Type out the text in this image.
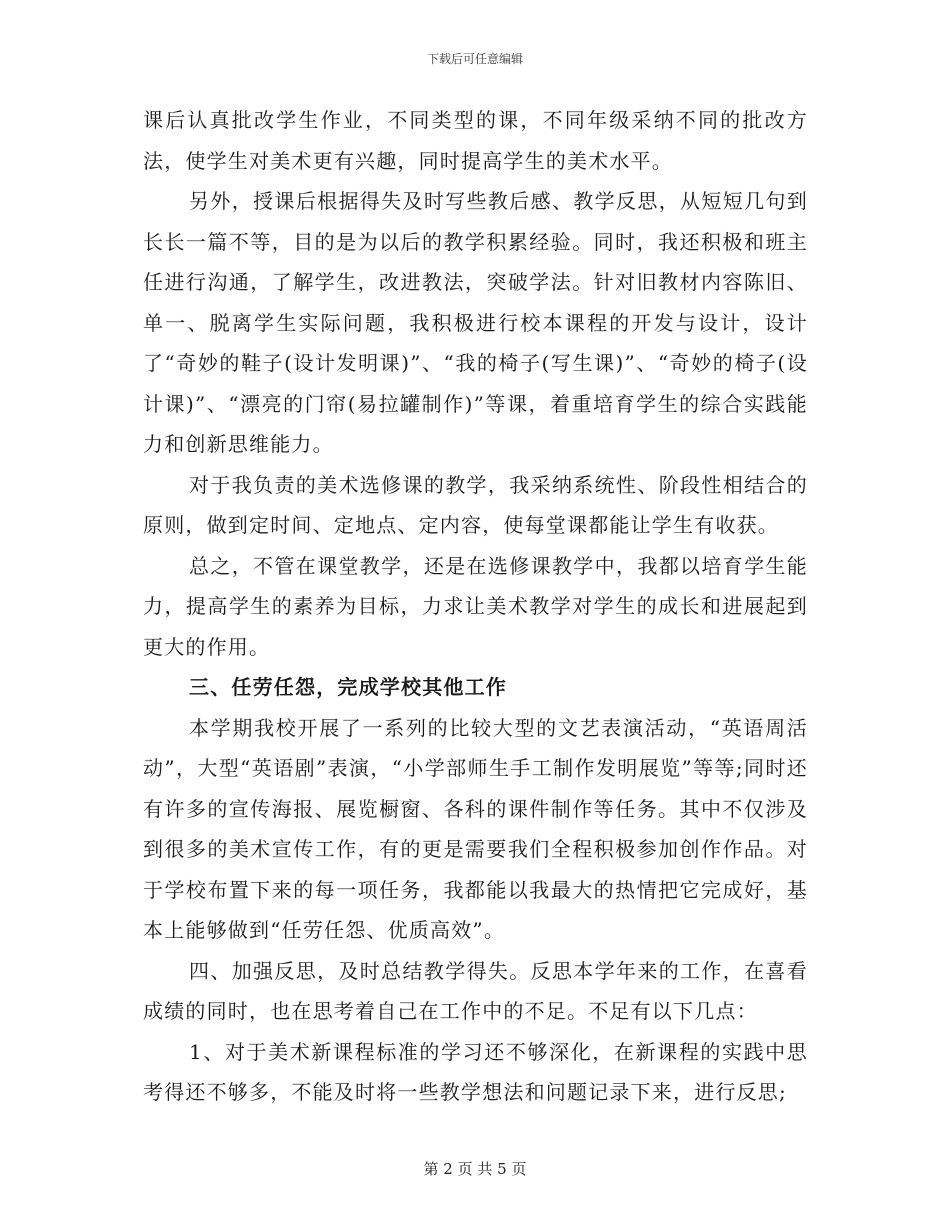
下载后可任意编辑

课后认真批改学生作业，不同类型的课，不同年级采纳不同的批改方法，使学生对美术更有兴趣，同时提高学生的美术水平。

另外，授课后根据得失及时写些教后感、教学反思，从短短几句到长长一篇不等，目的是为以后的教学积累经验。同时，我还积极和班主任进行沟通，了解学生，改进教法，突破学法。针对旧教材内容陈旧、单一、脱离学生实际问题，我积极进行校本课程的开发与设计，设计了“奇妙的鞋子(设计发明课)”、“我的椅子(写生课)”、“奇妙的椅子(设计课)”、“漂亮的门帘(易拉罐制作)”等课，着重培育学生的综合实践能力和创新思维能力。

对于我负责的美术选修课的教学，我采纳系统性、阶段性相结合的原则，做到定时间、定地点、定内容，使每堂课都能让学生有收获。

总之，不管在课堂教学，还是在选修课教学中，我都以培育学生能力，提高学生的素养为目标，力求让美术教学对学生的成长和进展起到更大的作用。

三、任劳任怨，完成学校其他工作

本学期我校开展了一系列的比较大型的文艺表演活动，“英语周活动”，大型“英语剧”表演，“小学部师生手工制作发明展览”等等;同时还有许多的宣传海报、展览橱窗、各科的课件制作等任务。其中不仅涉及到很多的美术宣传工作，有的更是需要我们全程积极参加创作作品。对于学校布置下来的每一项任务，我都能以我最大的热情把它完成好，基本上能够做到“任劳任怨、优质高效”。

四、加强反思，及时总结教学得失。反思本学年来的工作，在喜看成绩的同时，也在思考着自己在工作中的不足。不足有以下几点：

1、对于美术新课程标准的学习还不够深化，在新课程的实践中思考得还不够多，不能及时将一些教学想法和问题记录下来，进行反思;

第 2 页 共 5 页
